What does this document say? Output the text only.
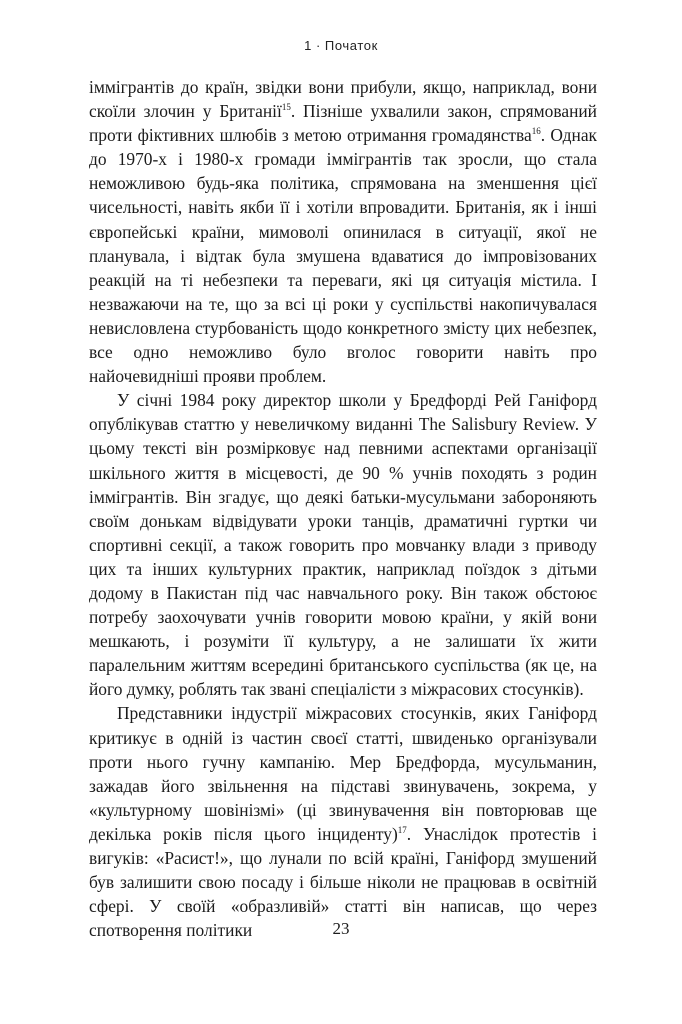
1 · Початок

іммігрантів до країн, звідки вони прибули, якщо, наприклад, вони скоїли злочин у Британії$^{15}$. Пізніше ухвалили закон, спрямований проти фіктивних шлюбів з метою отримання громадянства$^{16}$. Однак до 1970-х і 1980-х громади іммігрантів так зросли, що стала неможливою будь-яка політика, спрямована на зменшення цієї чисельності, навіть якби її і хотіли впровадити. Британія, як і інші європейські країни, мимоволі опинилася в ситуації, якої не планувала, і відтак була змушена вдаватися до імпровізованих реакцій на ті небезпеки та переваги, які ця ситуація містила. І незважаючи на те, що за всі ці роки у суспільстві накопичувалася невисловлена стурбованість щодо конкретного змісту цих небезпек, все одно неможливо було вголос говорити навіть про найочевидніші прояви проблем.

У січні 1984 року директор школи у Бредфорді Рей Ганіфорд опублікував статтю у невеличкому виданні The Salisbury Review. У цьому тексті він розмірковує над певними аспектами організації шкільного життя в місцевості, де 90 % учнів походять з родин іммігрантів. Він згадує, що деякі батьки-мусульмани забороняють своїм донькам відвідувати уроки танців, драматичні гуртки чи спортивні секції, а також говорить про мовчанку влади з приводу цих та інших культурних практик, наприклад поїздок з дітьми додому в Пакистан під час навчального року. Він також обстоює потребу заохочувати учнів говорити мовою країни, у якій вони мешкають, і розуміти її культуру, а не залишати їх жити паралельним життям всередині британського суспільства (як це, на його думку, роблять так звані спеціалісти з міжрасових стосунків).

Представники індустрії міжрасових стосунків, яких Ганіфорд критикує в одній із частин своєї статті, швиденько організували проти нього гучну кампанію. Мер Бредфорда, мусульманин, зажадав його звільнення на підставі звинувачень, зокрема, у «культурному шовінізмі» (ці звинувачення він повторював ще декілька років після цього інциденту)$^{17}$. Унаслідок протестів і вигуків: «Расист!», що лунали по всій країні, Ганіфорд змушений був залишити свою посаду і більше ніколи не працював в освітній сфері. У своїй «образливій» статті він написав, що через спотворення політики	23
